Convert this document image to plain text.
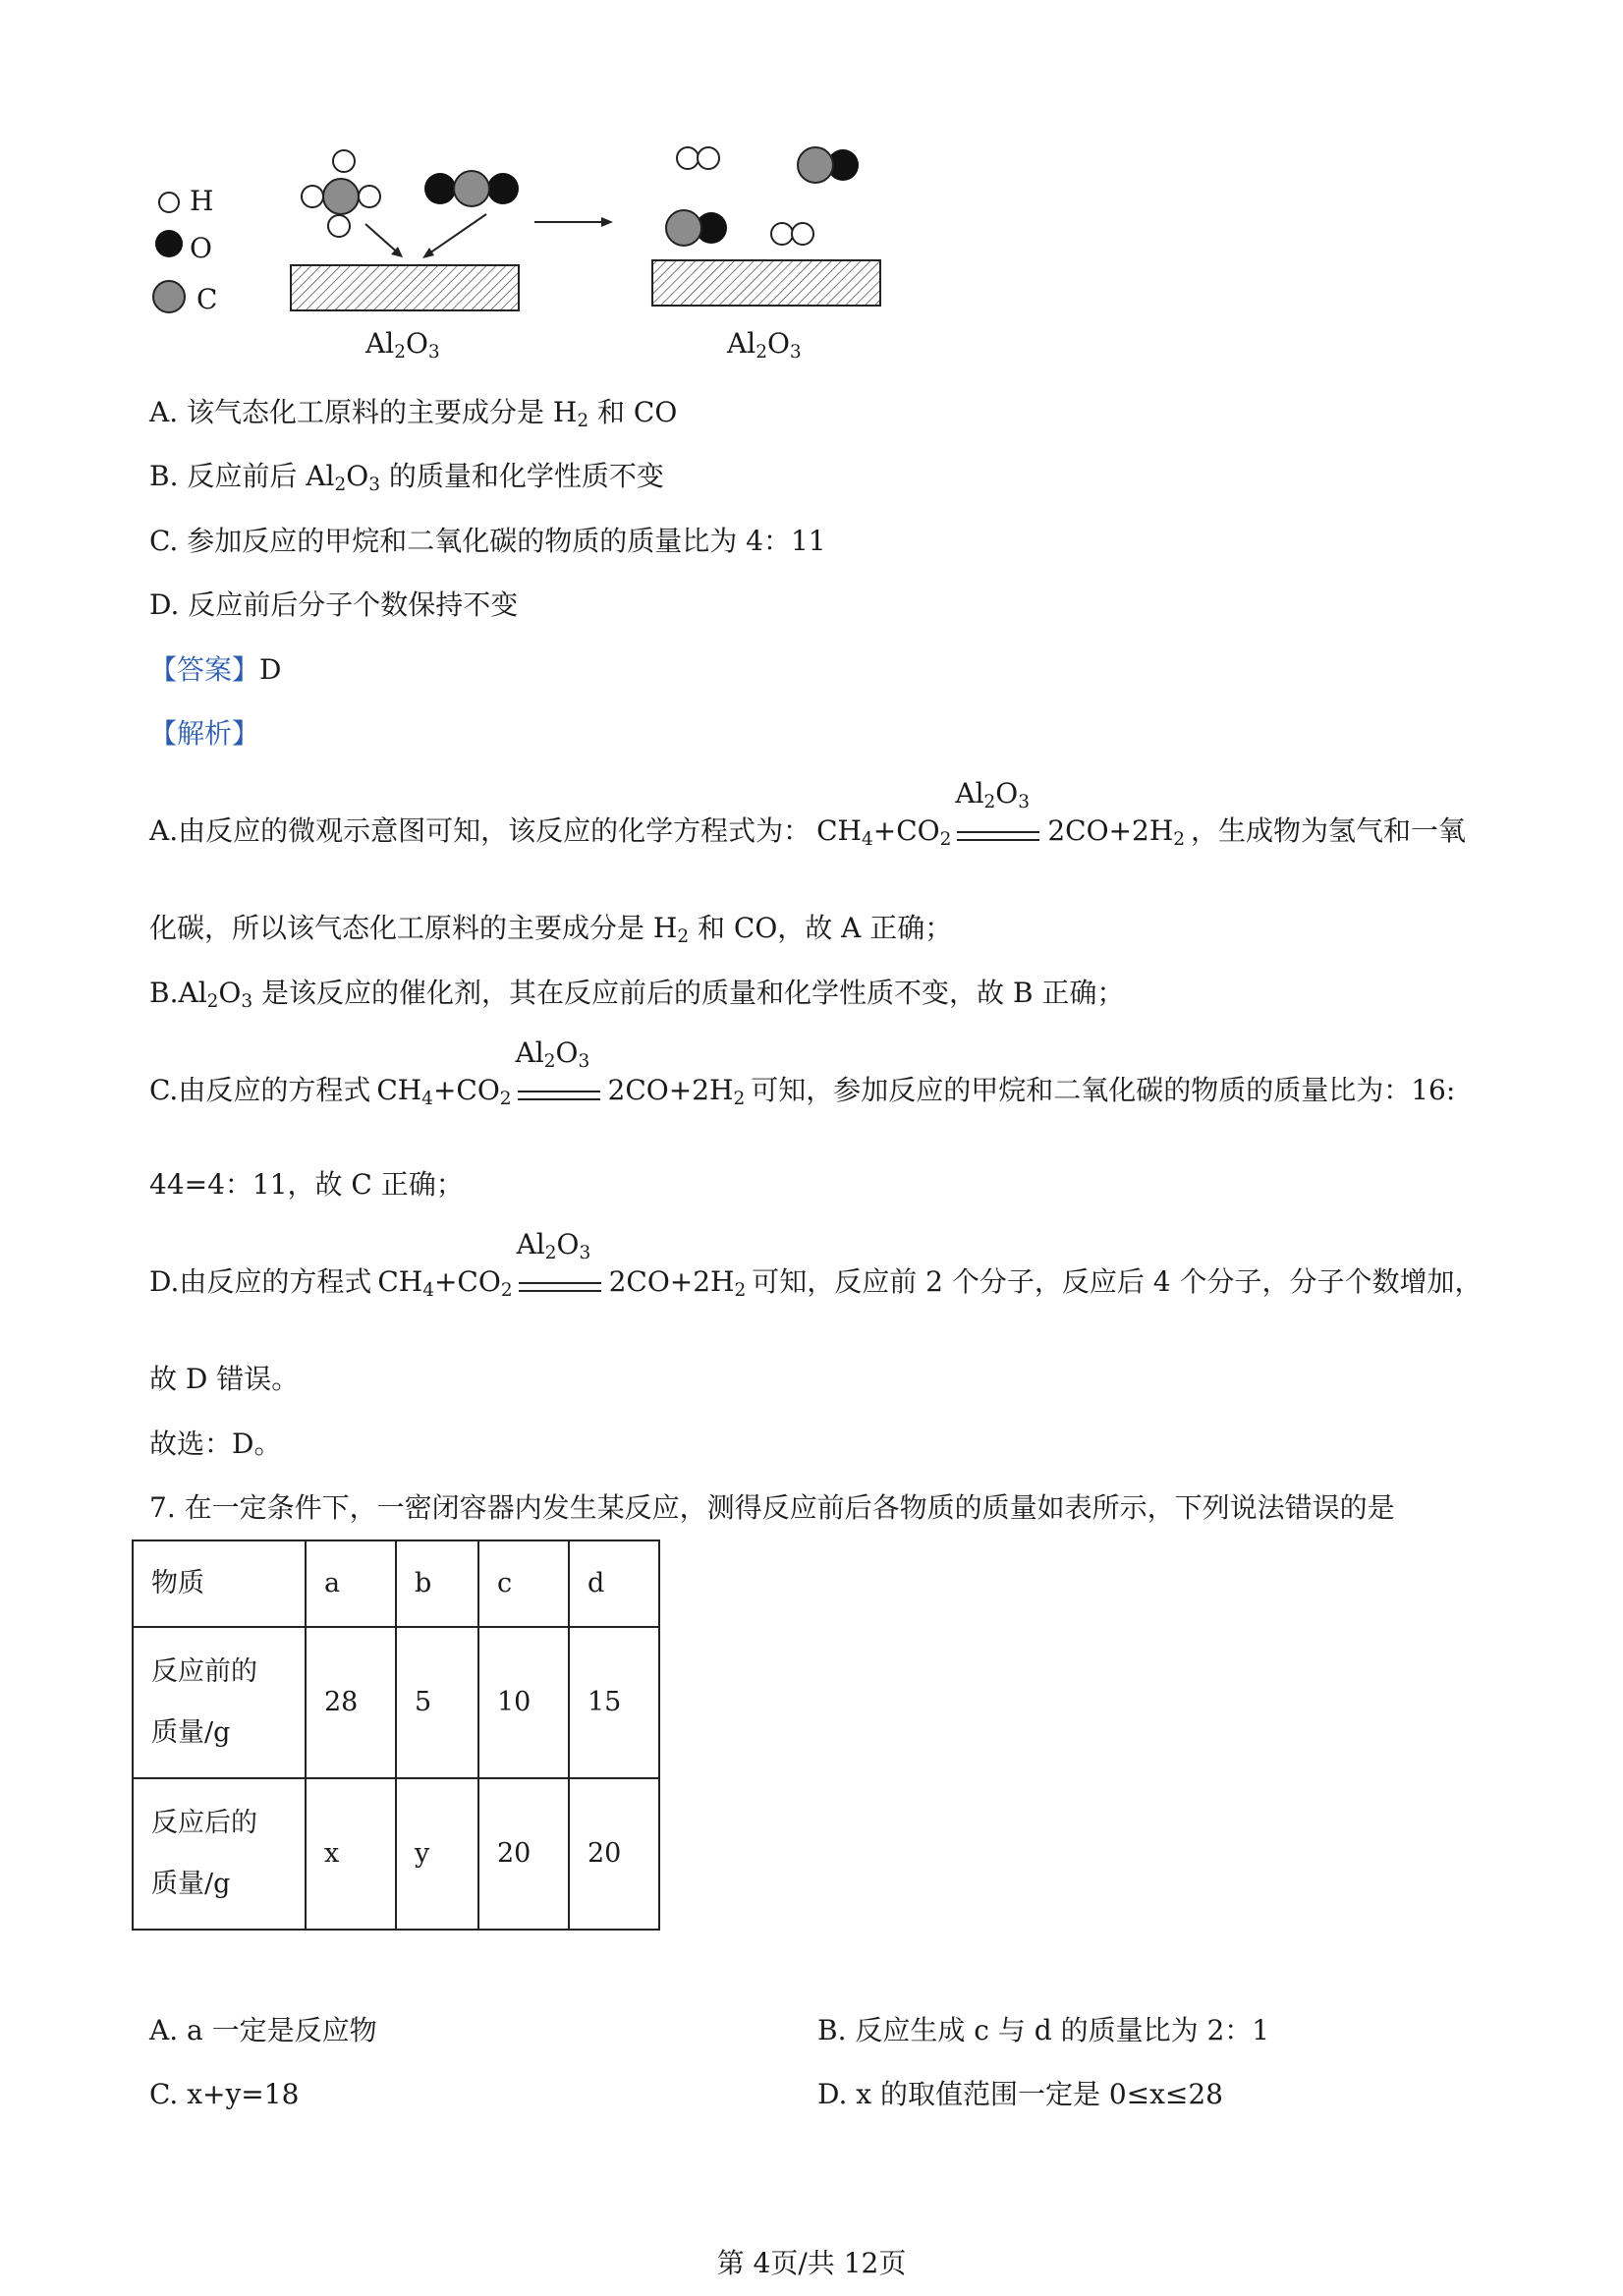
H
O
C
$Al_2O_3$	$Al_2O_3$
A. 该气态化工原料的主要成分是 $H_2$ 和 CO
B. 反应前后 $Al_2O_3$ 的质量和化学性质不变
C. 参加反应的甲烷和二氧化碳的物质的质量比为 4：11
D. 反应前后分子个数保持不变
【答案】D
【解析】
A.由反应的微观示意图可知，该反应的化学方程式为： $CH_4+CO_2$
$Al_2O_3$
$2CO+2H_2$ ，生成物为氢气和一氧
化碳，所以该气态化工原料的主要成分是 $H_2$ 和 CO，故 A 正确；
$B.Al_2O_3$ 是该反应的催化剂，其在反应前后的质量和化学性质不变，故 B 正确；
C.由反应的方程式 $CH_4+CO_2$
$Al_2O_3$
$2CO+2H_2$ 可知，参加反应的甲烷和二氧化碳的物质的质量比为：16:
44=4：11，故 C 正确；
D.由反应的方程式 $CH_4+CO_2$
$Al_2O_3$
$2CO+2H_2$ 可知，反应前 2 个分子，反应后 4 个分子，分子个数增加，
故 D 错误。
故选：D。
7. 在一定条件下，一密闭容器内发生某反应，测得反应前后各物质的质量如表所示，下列说法错误的是
物质	a	b	c	d

反应前的
质量/g	28	5	10	15

反应后的
质量/g	x	y	20	20
A. a 一定是反应物	B. 反应生成 c 与 d 的质量比为 2：1
C. x+y=18	D. x 的取值范围一定是 0≤x≤28
第 4页/共 12页
